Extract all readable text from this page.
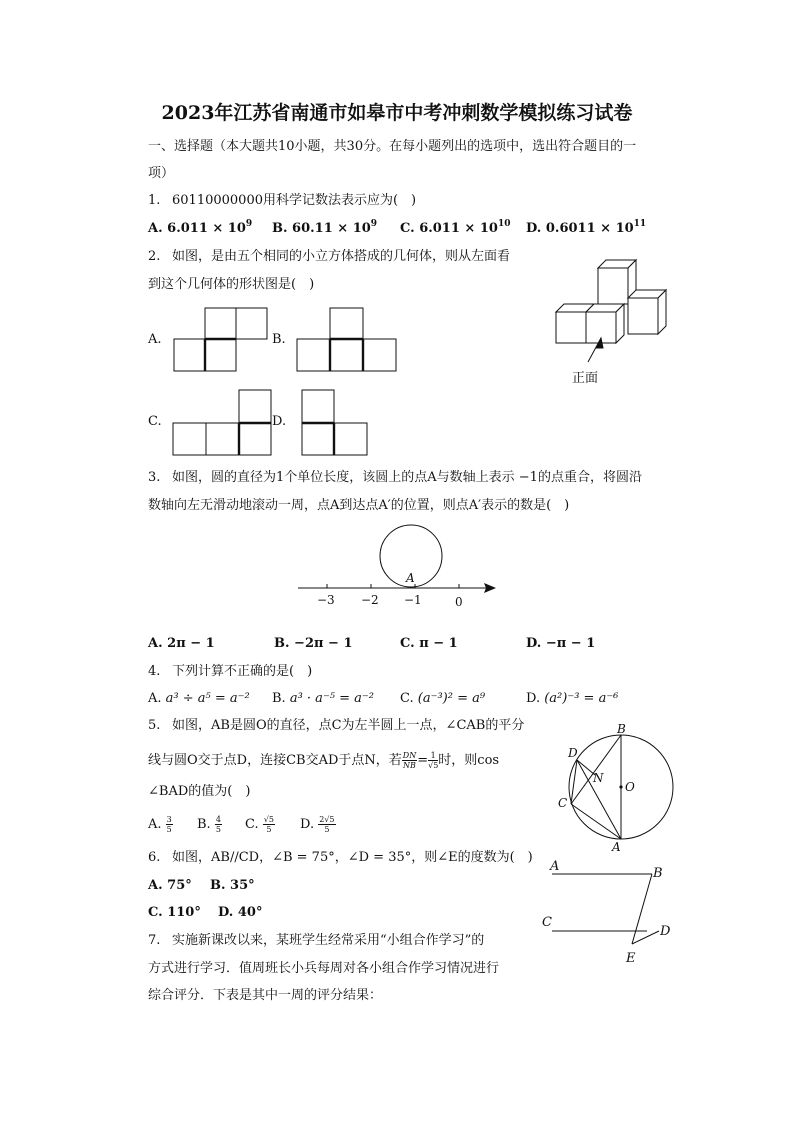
2023年江苏省南通市如皋市中考冲刺数学模拟练习试卷
一、选择题（本大题共10小题，共30分。在每小题列出的选项中，选出符合题目的一
项）
1. 60110000000用科学记数法表示应为(　)
A. $6.011 \times 10^9$ B. $60.11 \times 10^9$ C. $6.011 \times 10^{10}$ D. $0.6011 \times 10^{11}$
2. 如图，是由五个相同的小立方体搭成的几何体，则从左面看
到这个几何体的形状图是(　)
正面
A.	B.
C.	D.
3. 如图，圆的直径为1个单位长度，该圆上的点A与数轴上表示 −1的点重合，将圆沿
数轴向左无滑动地滚动一周，点A到达点A′的位置，则点A′表示的数是(　)
A
−3 −2 −1	0
A. 2π − 1	B. −2π − 1	C. π − 1	D. −π − 1
4. 下列计算不正确的是(　)
A. a³ ÷ a⁵ = a⁻² B. a³ · a⁻⁵ = a⁻² C. (a⁻³)² = a⁹	D. (a²)⁻³ = a⁻⁶
5. 如图，AB是圆O的直径，点C为左半圆上一点，∠CAB的平分
线与圆O交于点D，连接CB交AD于点N，若 $\frac{DN}{NB} = \frac{1}{√5}$ 时，则cos
∠BAD的值为(　)
A. $\frac{3}{5} B$. $\frac{4}{5} C$. $\frac{√5}{5} D$. $\frac{2√5}{5}$
B
D
N
O
C
A
6. 如图，AB//CD，∠B = 75°，∠D = 35°，则∠E的度数为(　)
A. 75° B. 35°
C. 110° D. 40°
A	B
C
D
E
7. 实施新课改以来，某班学生经常采用“小组合作学习”的
方式进行学习．值周班长小兵每周对各小组合作学习情况进行
综合评分．下表是其中一周的评分结果：
